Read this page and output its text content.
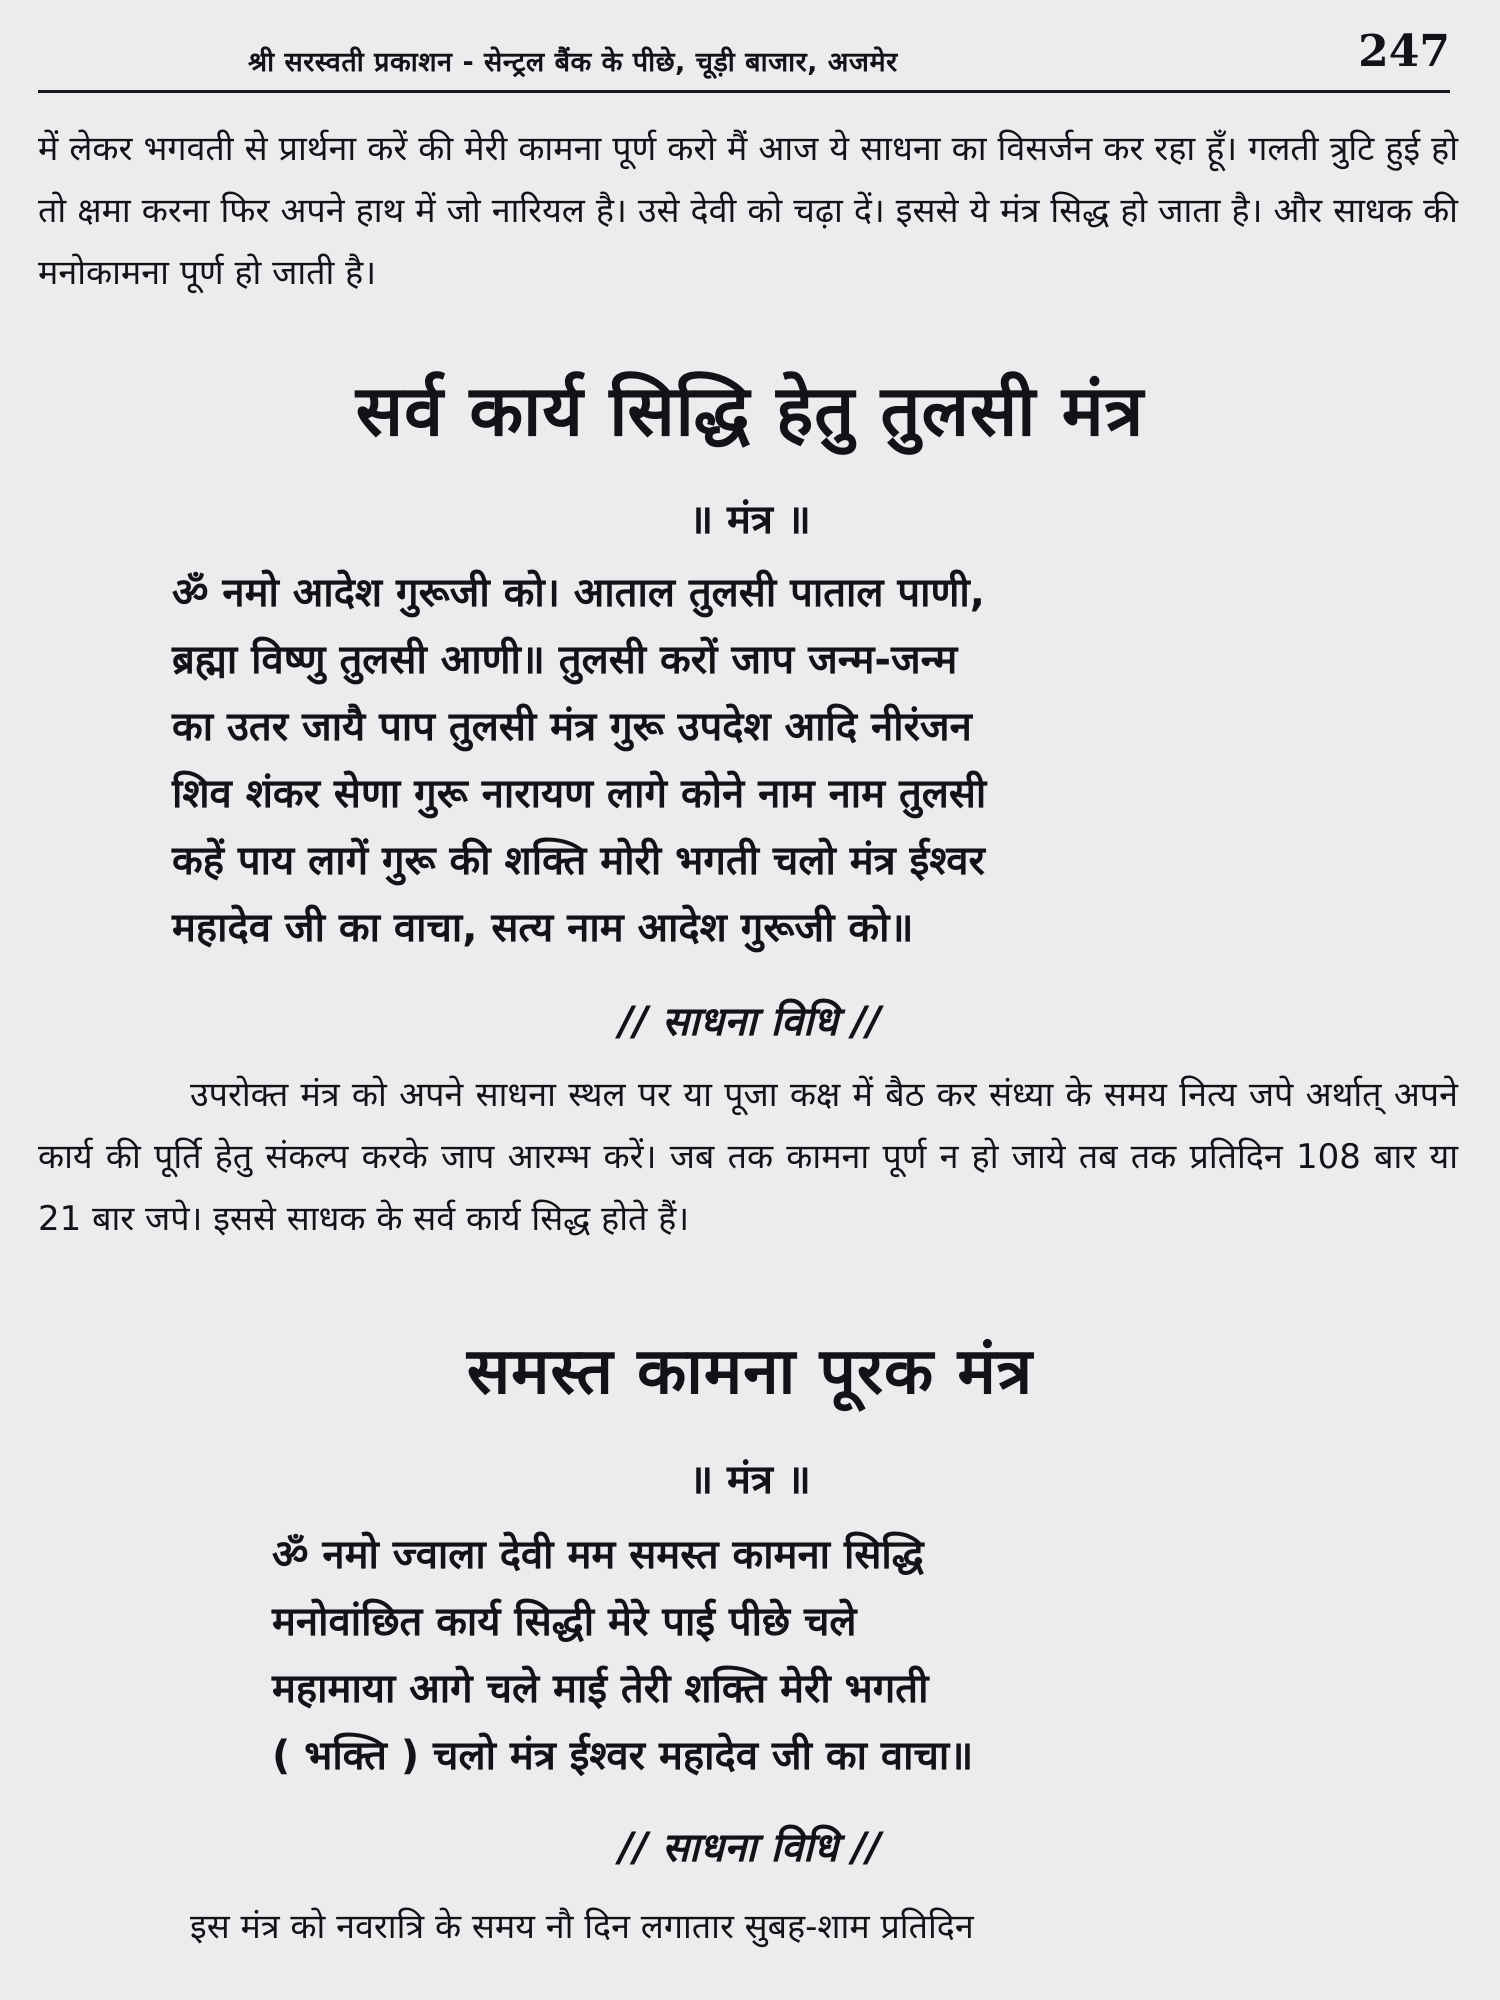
श्री सरस्वती प्रकाशन - सेन्ट्रल बैंक के पीछे, चूड़ी बाजार, अजमेर	247

में लेकर भगवती से प्रार्थना करें की मेरी कामना पूर्ण करो मैं आज ये साधना का विसर्जन कर रहा हूँ। गलती त्रुटि हुई हो तो क्षमा करना फिर अपने हाथ में जो नारियल है। उसे देवी को चढ़ा दें। इससे ये मंत्र सिद्ध हो जाता है। और साधक की मनोकामना पूर्ण हो जाती है।

सर्व कार्य सिद्धि हेतु तुलसी मंत्र

॥ मंत्र ॥

ॐ नमो आदेश गुरूजी को। आताल तुलसी पाताल पाणी,
ब्रह्मा विष्णु तुलसी आणी॥ तुलसी करों जाप जन्म-जन्म
का उतर जायै पाप तुलसी मंत्र गुरू उपदेश आदि नीरंजन
शिव शंकर सेणा गुरू नारायण लागे कोने नाम नाम तुलसी
कहें पाय लागें गुरू की शक्ति मोरी भगती चलो मंत्र ईश्वर
महादेव जी का वाचा, सत्य नाम आदेश गुरूजी को॥

// साधना विधि //

उपरोक्त मंत्र को अपने साधना स्थल पर या पूजा कक्ष में बैठ कर संध्या के समय नित्य जपे अर्थात् अपने कार्य की पूर्ति हेतु संकल्प करके जाप आरम्भ करें। जब तक कामना पूर्ण न हो जाये तब तक प्रतिदिन 108 बार या 21 बार जपे। इससे साधक के सर्व कार्य सिद्ध होते हैं।

समस्त कामना पूरक मंत्र

॥ मंत्र ॥

ॐ नमो ज्वाला देवी मम समस्त कामना सिद्धि
मनोवांछित कार्य सिद्धी मेरे पाई पीछे चले
महामाया आगे चले माई तेरी शक्ति मेरी भगती
( भक्ति ) चलो मंत्र ईश्वर महादेव जी का वाचा॥

// साधना विधि //

इस मंत्र को नवरात्रि के समय नौ दिन लगातार सुबह-शाम प्रतिदिन
